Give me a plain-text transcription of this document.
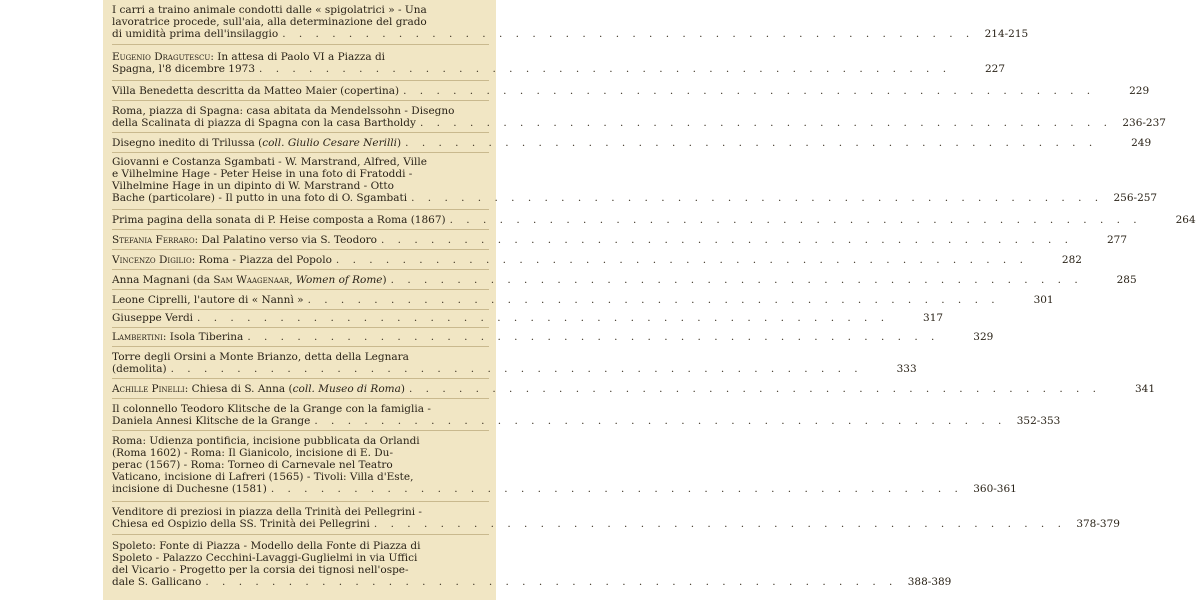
I carri a traino animale condotti dalle « spigolatrici » - Una
lavoratrice procede, sull'aia, alla determinazione del grado
di umidità prima dell'insilaggio . . . . . . . . . . . . . . . . . . . . . . . . . . . . . . . . . . . . . . . . . . 214-215
Eugenio Dragutescu: In attesa di Paolo VI a Piazza di
Spagna, l'8 dicembre 1973 . . . . . . . . . . . . . . . . . . . . . . . . . . . . . . . . . . . . . . . . . .	227
Villa Benedetta descritta da Matteo Maier (copertina) . . . . . . . . . . . . . . . . . . . . . . . . . . . . . . . . . . . . . . . . . .	229
Roma, piazza di Spagna: casa abitata da Mendelssohn - Disegno
della Scalinata di piazza di Spagna con la casa Bartholdy . . . . . . . . . . . . . . . . . . . . . . . . . . . . . . . . . . . . . . . . . . 236-237
Disegno inedito di Trilussa (coll. Giulio Cesare Nerilli) . . . . . . . . . . . . . . . . . . . . . . . . . . . . . . . . . . . . . . . . . .	249
Giovanni e Costanza Sgambati - W. Marstrand, Alfred, Ville
e Vilhelmine Hage - Peter Heise in una foto di Fratoddi -
Vilhelmine Hage in un dipinto di W. Marstrand - Otto
Bache (particolare) - Il putto in una foto di O. Sgambati . . . . . . . . . . . . . . . . . . . . . . . . . . . . . . . . . . . . . . . . . . 256-257
Prima pagina della sonata di P. Heise composta a Roma (1867) . . . . . . . . . . . . . . . . . . . . . . . . . . . . . . . . . . . . . . . . . .	264
Stefania Ferraro: Dal Palatino verso via S. Teodoro . . . . . . . . . . . . . . . . . . . . . . . . . . . . . . . . . . . . . . . . . .	277
Vincenzo Digilio: Roma - Piazza del Popolo . . . . . . . . . . . . . . . . . . . . . . . . . . . . . . . . . . . . . . . . . .	282
Anna Magnani (da Sam Waagenaar, Women of Rome) . . . . . . . . . . . . . . . . . . . . . . . . . . . . . . . . . . . . . . . . . .	285
Leone Ciprelli, l'autore di « Nannì » . . . . . . . . . . . . . . . . . . . . . . . . . . . . . . . . . . . . . . . . . .	301
Giuseppe Verdi . . . . . . . . . . . . . . . . . . . . . . . . . . . . . . . . . . . . . . . . . .	317
Lambertini: Isola Tiberina . . . . . . . . . . . . . . . . . . . . . . . . . . . . . . . . . . . . . . . . . .	329
Torre degli Orsini a Monte Brianzo, detta della Legnara
(demolita) . . . . . . . . . . . . . . . . . . . . . . . . . . . . . . . . . . . . . . . . . .	333
Achille Pinelli: Chiesa di S. Anna (coll. Museo di Roma) . . . . . . . . . . . . . . . . . . . . . . . . . . . . . . . . . . . . . . . . . .	341
Il colonnello Teodoro Klitsche de la Grange con la famiglia -
Daniela Annesi Klitsche de la Grange . . . . . . . . . . . . . . . . . . . . . . . . . . . . . . . . . . . . . . . . . . 352-353
Roma: Udienza pontificia, incisione pubblicata da Orlandi
(Roma 1602) - Roma: Il Gianicolo, incisione di E. Du-
perac (1567) - Roma: Torneo di Carnevale nel Teatro
Vaticano, incisione di Lafreri (1565) - Tivoli: Villa d'Este,
incisione di Duchesne (1581) . . . . . . . . . . . . . . . . . . . . . . . . . . . . . . . . . . . . . . . . . . 360-361
Venditore di preziosi in piazza della Trinità dei Pellegrini -
Chiesa ed Ospizio della SS. Trinità dei Pellegrini . . . . . . . . . . . . . . . . . . . . . . . . . . . . . . . . . . . . . . . . . . 378-379
Spoleto: Fonte di Piazza - Modello della Fonte di Piazza di
Spoleto - Palazzo Cecchini-Lavaggi-Guglielmi in via Uffici
del Vicario - Progetto per la corsia dei tignosi nell'ospe-
dale S. Gallicano . . . . . . . . . . . . . . . . . . . . . . . . . . . . . . . . . . . . . . . . . . 388-389
